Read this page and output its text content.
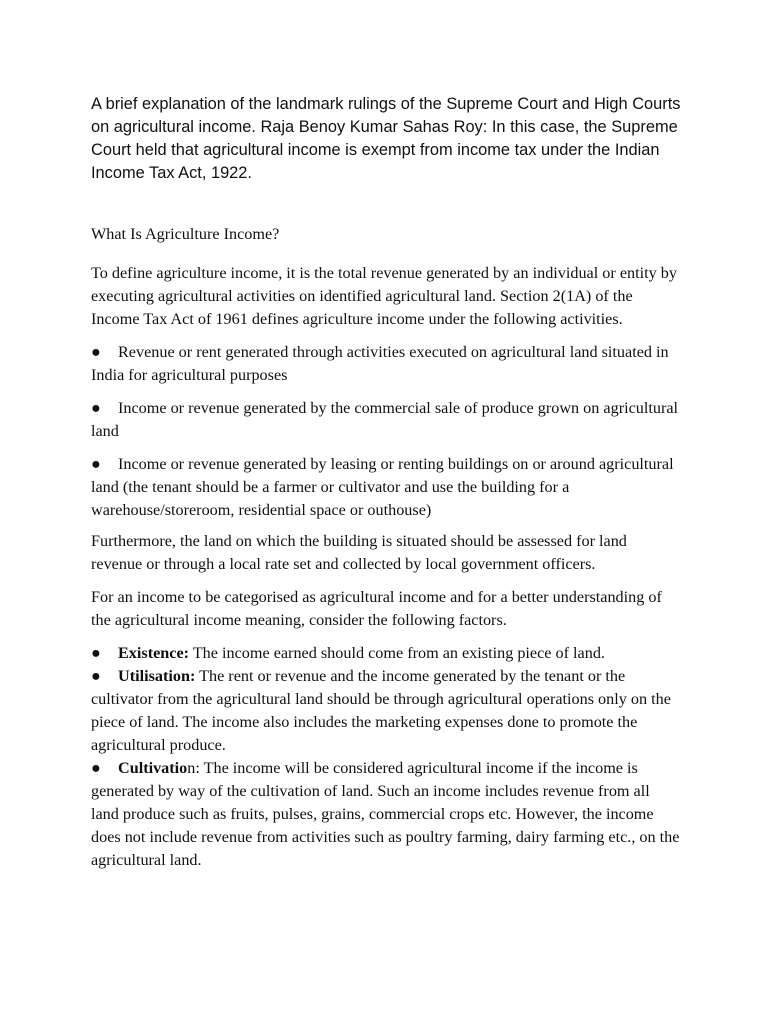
A brief explanation of the landmark rulings of the Supreme Court and High Courts on agricultural income. Raja Benoy Kumar Sahas Roy: In this case, the Supreme Court held that agricultural income is exempt from income tax under the Indian Income Tax Act, 1922.

What Is Agriculture Income?

To define agriculture income, it is the total revenue generated by an individual or entity by executing agricultural activities on identified agricultural land. Section 2(1A) of the Income Tax Act of 1961 defines agriculture income under the following activities.

● Revenue or rent generated through activities executed on agricultural land situated in India for agricultural purposes

● Income or revenue generated by the commercial sale of produce grown on agricultural land

● Income or revenue generated by leasing or renting buildings on or around agricultural land (the tenant should be a farmer or cultivator and use the building for a warehouse/storeroom, residential space or outhouse)

Furthermore, the land on which the building is situated should be assessed for land revenue or through a local rate set and collected by local government officers.

For an income to be categorised as agricultural income and for a better understanding of the agricultural income meaning, consider the following factors.

● Existence: The income earned should come from an existing piece of land.

● Utilisation: The rent or revenue and the income generated by the tenant or the cultivator from the agricultural land should be through agricultural operations only on the piece of land. The income also includes the marketing expenses done to promote the agricultural produce.

● Cultivation: The income will be considered agricultural income if the income is generated by way of the cultivation of land. Such an income includes revenue from all land produce such as fruits, pulses, grains, commercial crops etc. However, the income does not include revenue from activities such as poultry farming, dairy farming etc., on the agricultural land.
